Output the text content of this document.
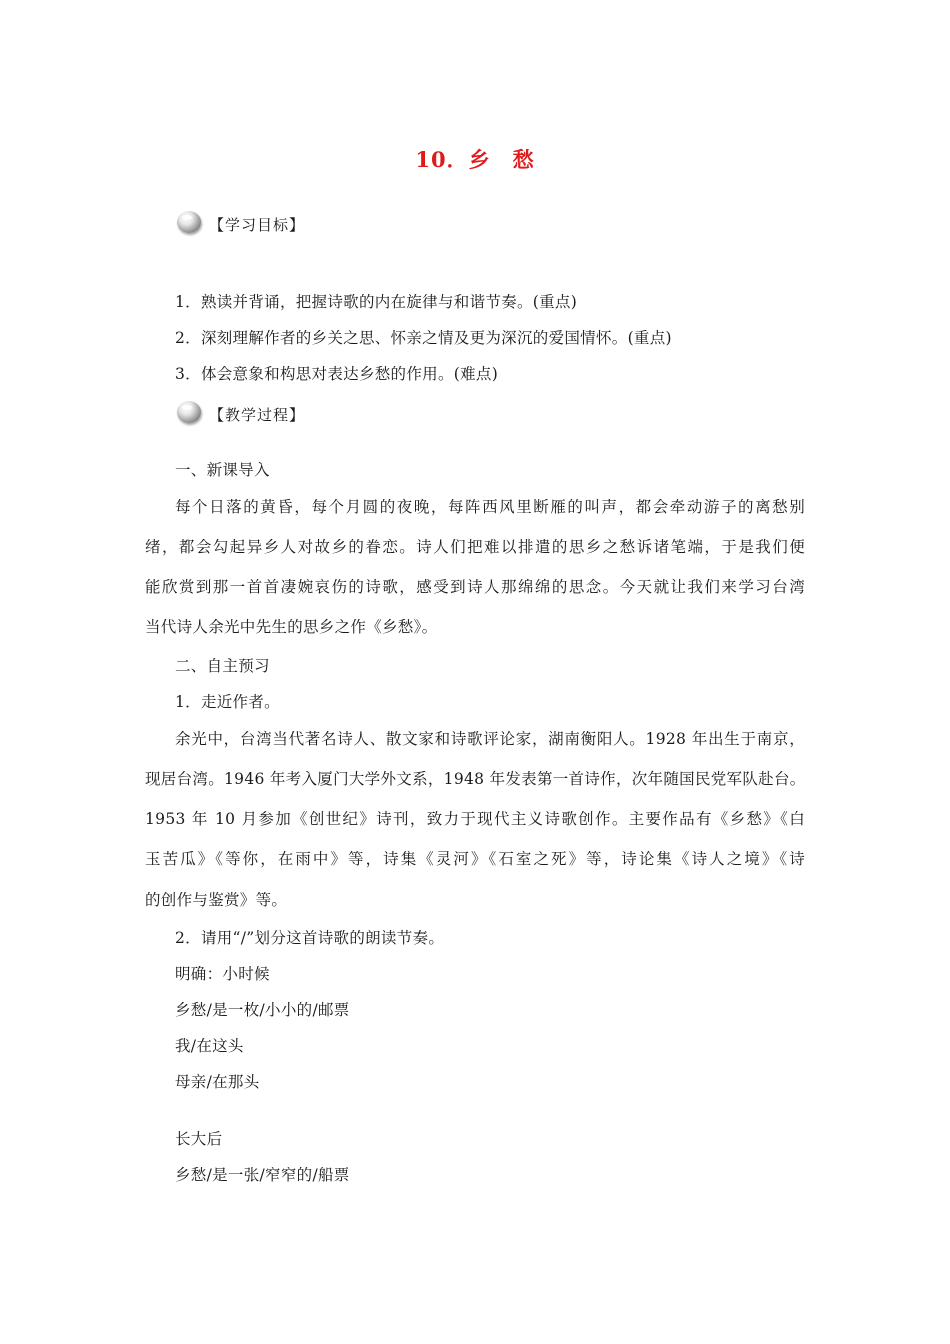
10．乡　愁
【学习目标】
1．熟读并背诵，把握诗歌的内在旋律与和谐节奏。(重点)
2．深刻理解作者的乡关之思、怀亲之情及更为深沉的爱国情怀。(重点)
3．体会意象和构思对表达乡愁的作用。(难点)
【教学过程】
一、新课导入
每个日落的黄昏，每个月圆的夜晚，每阵西风里断雁的叫声，都会牵动游子的离愁别
绪，都会勾起异乡人对故乡的眷恋。诗人们把难以排遣的思乡之愁诉诸笔端，于是我们便
能欣赏到那一首首凄婉哀伤的诗歌，感受到诗人那绵绵的思念。今天就让我们来学习台湾
当代诗人余光中先生的思乡之作《乡愁》。
二、自主预习
1．走近作者。
余光中，台湾当代著名诗人、散文家和诗歌评论家，湖南衡阳人。1928 年出生于南京，
现居台湾。1946 年考入厦门大学外文系，1948 年发表第一首诗作，次年随国民党军队赴台。
1953 年 10 月参加《创世纪》诗刊，致力于现代主义诗歌创作。主要作品有《乡愁》《白
玉苦瓜》《等你，在雨中》等，诗集《灵河》《石室之死》等，诗论集《诗人之境》《诗
的创作与鉴赏》等。
2．请用“/”划分这首诗歌的朗读节奏。
明确：小时候
乡愁/是一枚/小小的/邮票
我/在这头
母亲/在那头
长大后
乡愁/是一张/窄窄的/船票
